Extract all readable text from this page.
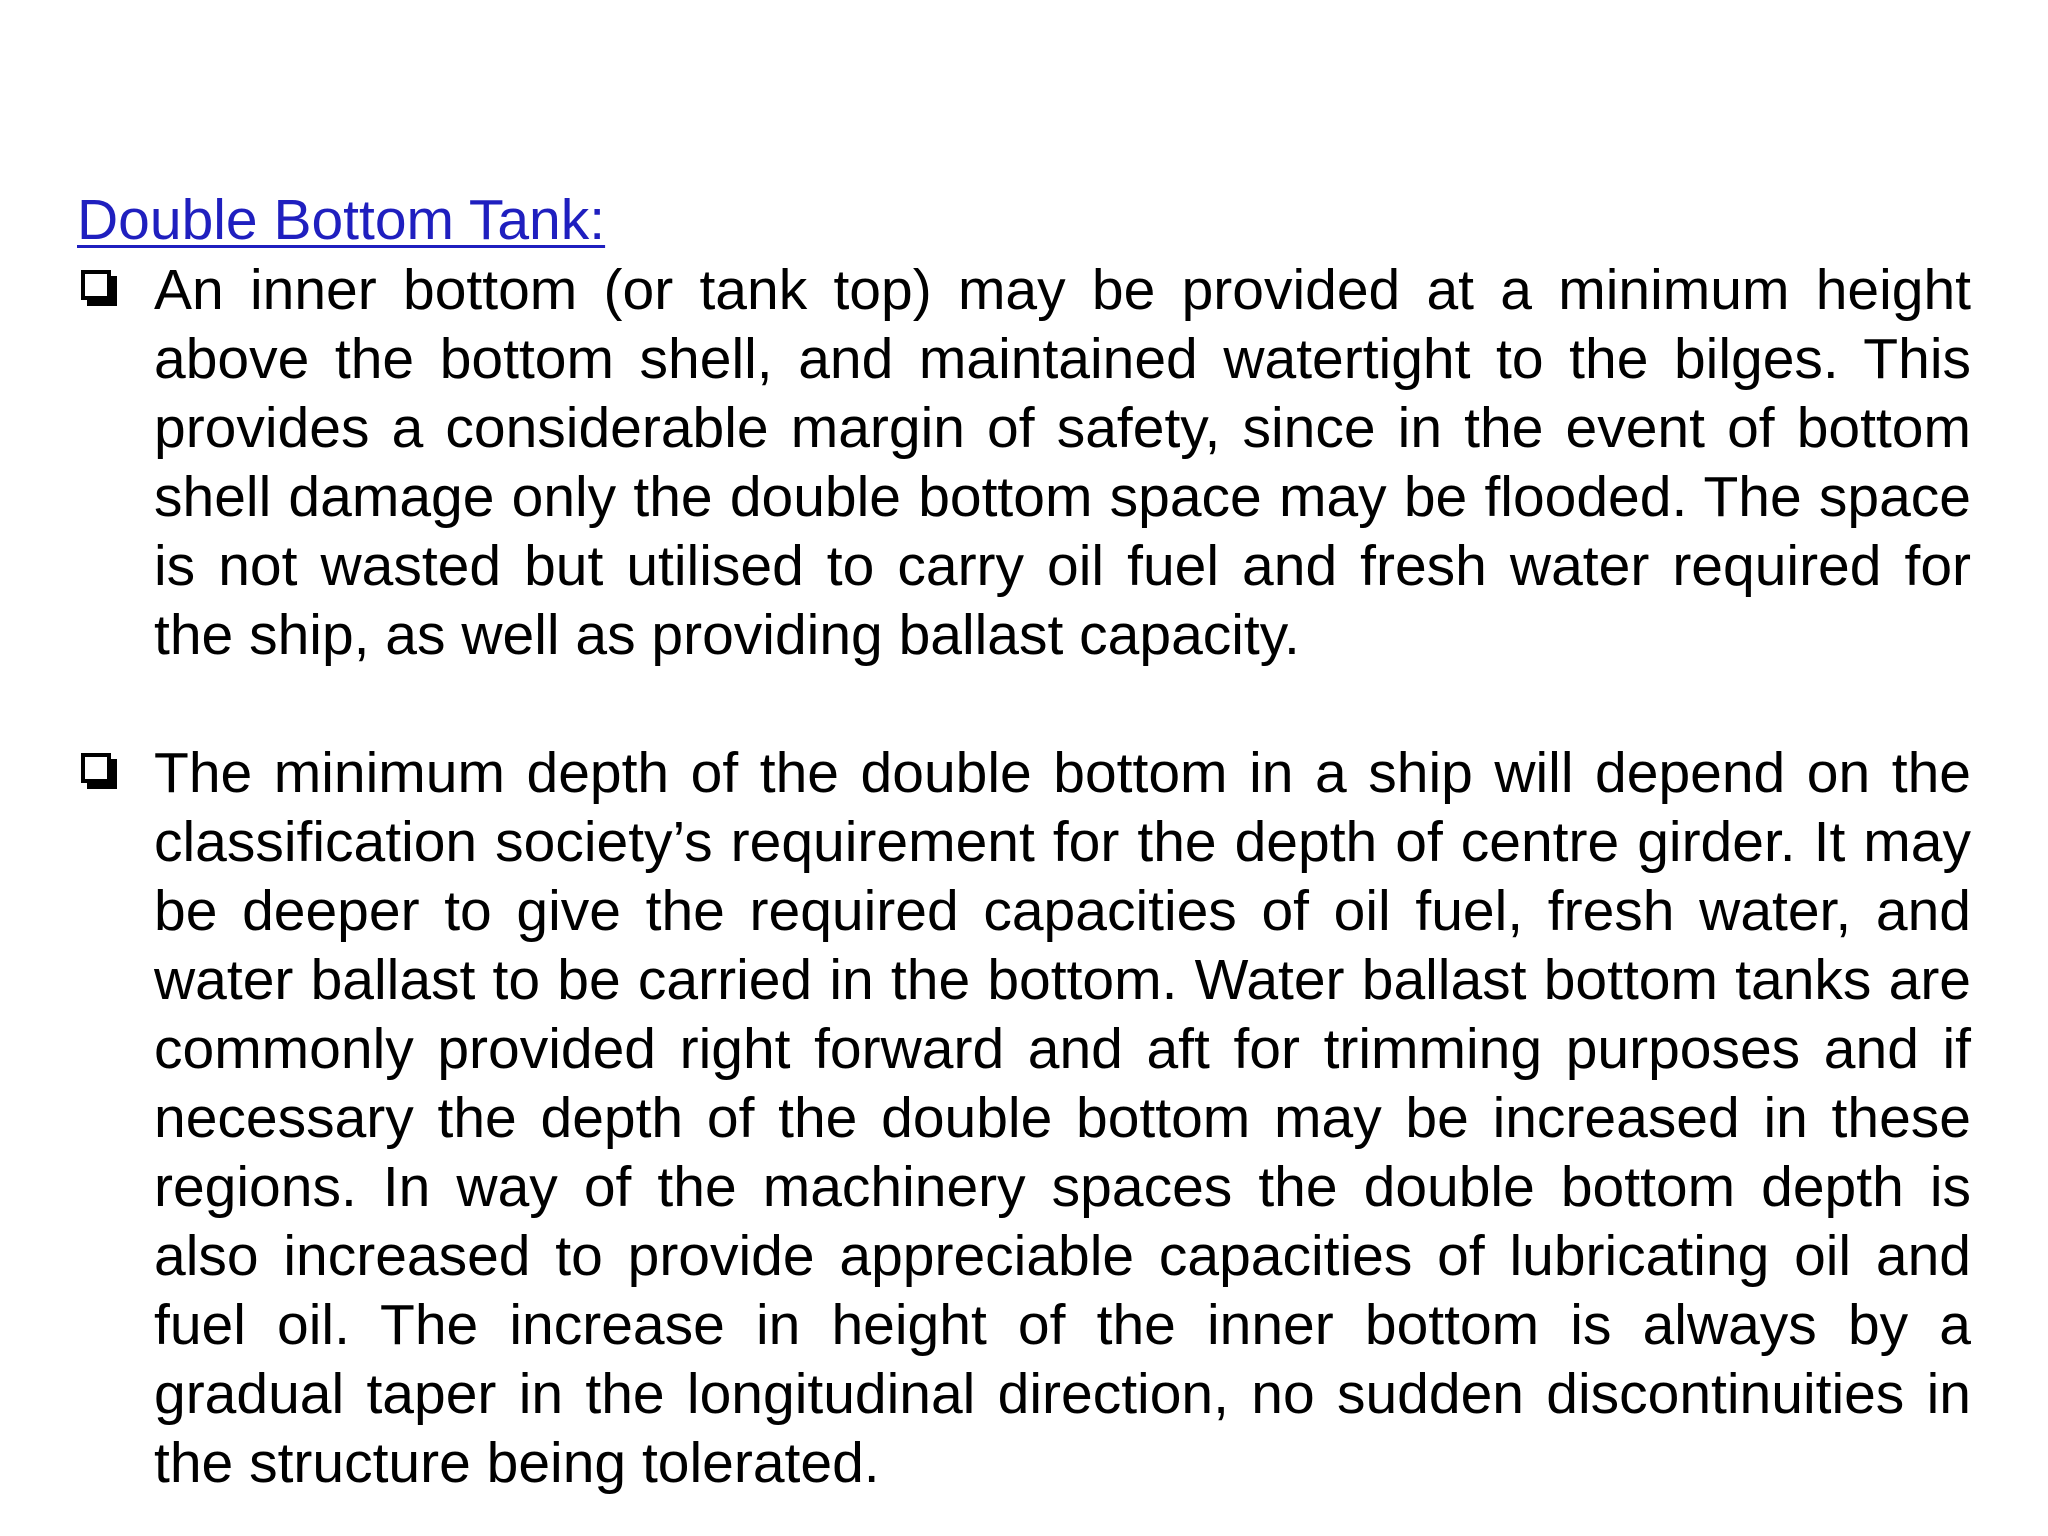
Double Bottom Tank:

An inner bottom (or tank top) may be provided at a minimum height above the bottom shell, and maintained watertight to the bilges. This provides a considerable margin of safety, since in the event of bottom shell damage only the double bottom space may be flooded. The space is not wasted but utilised to carry oil fuel and fresh water required for the ship, as well as providing ballast capacity.

The minimum depth of the double bottom in a ship will depend on the classification society’s requirement for the depth of centre girder. It may be deeper to give the required capacities of oil fuel, fresh water, and water ballast to be carried in the bottom. Water ballast bottom tanks are commonly provided right forward and aft for trimming purposes and if necessary the depth of the double bottom may be increased in these regions. In way of the machinery spaces the double bottom depth is also increased to provide appreciable capacities of lubricating oil and fuel oil. The increase in height of the inner bottom is always by a gradual taper in the longitudinal direction, no sudden discontinuities in the structure being tolerated.
